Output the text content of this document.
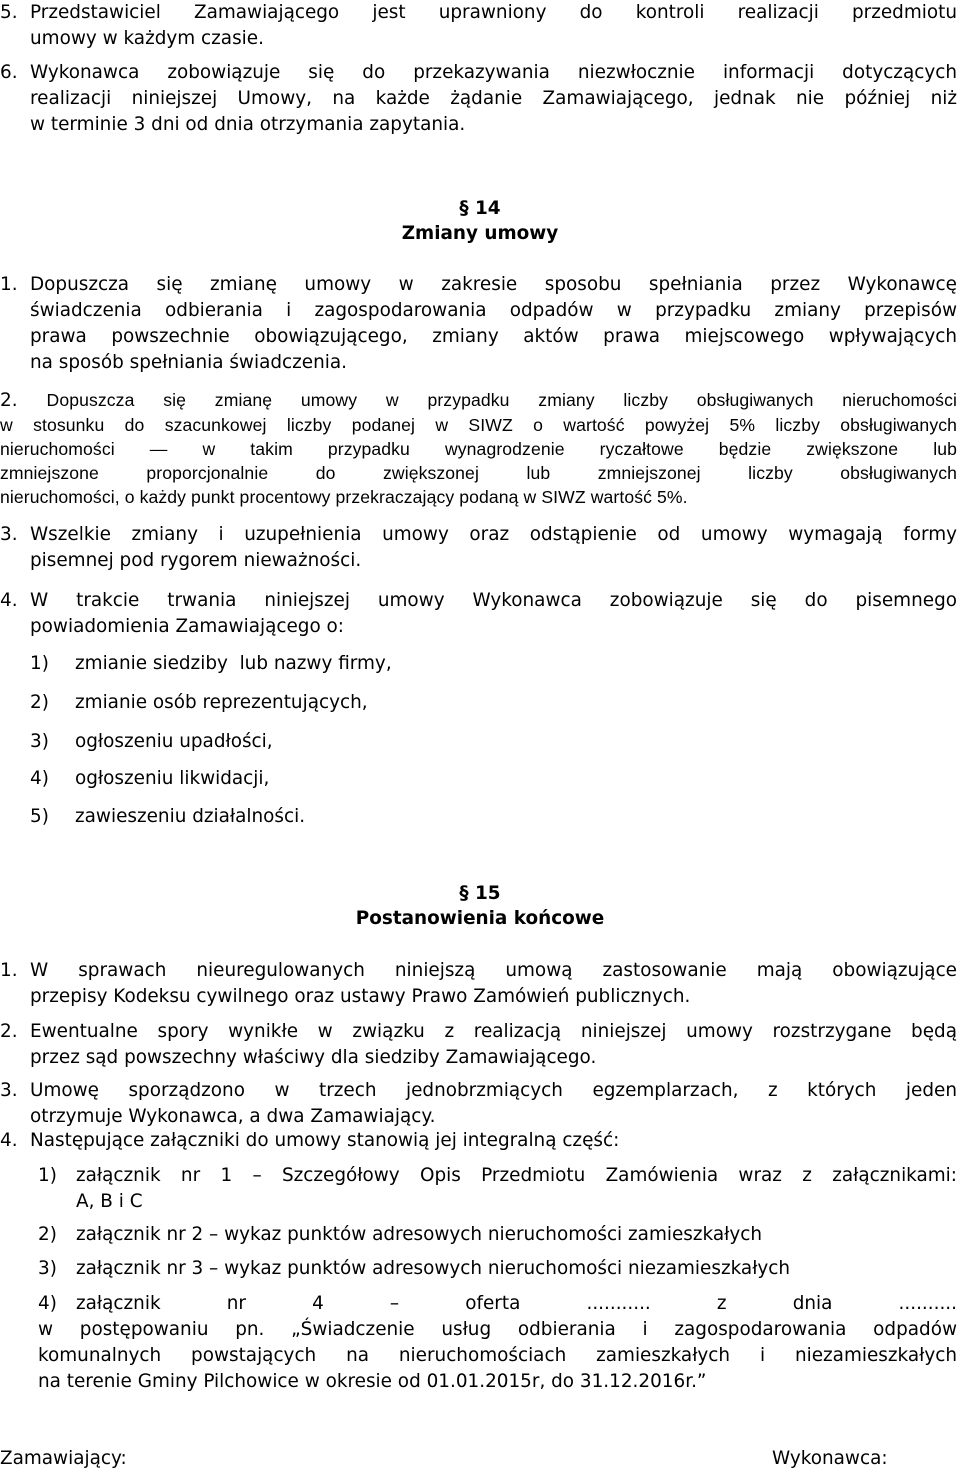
5. Przedstawiciel Zamawiającego jest uprawniony do kontroli realizacji przedmiotu
umowy w każdym czasie.
6. Wykonawca zobowiązuje się do przekazywania niezwłocznie informacji dotyczących
realizacji niniejszej Umowy, na każde żądanie Zamawiającego, jednak nie później niż
w terminie 3 dni od dnia otrzymania zapytania.
§ 14
Zmiany umowy
1. Dopuszcza się zmianę umowy w zakresie sposobu spełniania przez Wykonawcę
świadczenia odbierania i zagospodarowania odpadów w przypadku zmiany przepisów
prawa powszechnie obowiązującego, zmiany aktów prawa miejscowego wpływających
na sposób spełniania świadczenia.
2. Dopuszcza się zmianę umowy w przypadku zmiany liczby obsługiwanych nieruchomości
w stosunku do szacunkowej liczby podanej w SIWZ o wartość powyżej 5% liczby obsługiwanych
nieruchomości — w takim przypadku wynagrodzenie ryczałtowe będzie zwiększone lub
zmniejszone proporcjonalnie do zwiększonej lub zmniejszonej liczby obsługiwanych
nieruchomości, o każdy punkt procentowy przekraczający podaną w SIWZ wartość 5%.
3. Wszelkie zmiany i uzupełnienia umowy oraz odstąpienie od umowy wymagają formy
pisemnej pod rygorem nieważności.
4. W trakcie trwania niniejszej umowy Wykonawca zobowiązuje się do pisemnego
powiadomienia Zamawiającego o:
1) zmianie siedziby  lub nazwy firmy,
2) zmianie osób reprezentujących,
3) ogłoszeniu upadłości,
4) ogłoszeniu likwidacji,
5) zawieszeniu działalności.
§ 15
Postanowienia końcowe
1. W sprawach nieuregulowanych niniejszą umową zastosowanie mają obowiązujące
przepisy Kodeksu cywilnego oraz ustawy Prawo Zamówień publicznych.
2. Ewentualne spory wynikłe w związku z realizacją niniejszej umowy rozstrzygane będą
przez sąd powszechny właściwy dla siedziby Zamawiającego.
3. Umowę sporządzono w trzech jednobrzmiących egzemplarzach, z których jeden
otrzymuje Wykonawca, a dwa Zamawiający.
4. Następujące załączniki do umowy stanowią jej integralną część:
1)	załącznik nr 1 – Szczegółowy Opis Przedmiotu Zamówienia wraz z załącznikami:
A, B i C
2) załącznik nr 2 – wykaz punktów adresowych nieruchomości zamieszkałych
3) załącznik nr 3 – wykaz punktów adresowych nieruchomości niezamieszkałych
4)	załącznik nr 4 – oferta ........... z dnia ..........
w postępowaniu pn. „Świadczenie usług odbierania i zagospodarowania odpadów
komunalnych powstających na nieruchomościach zamieszkałych i niezamieszkałych
na terenie Gminy Pilchowice w okresie od 01.01.2015r, do 31.12.2016r.”
Zamawiający:	Wykonawca:
